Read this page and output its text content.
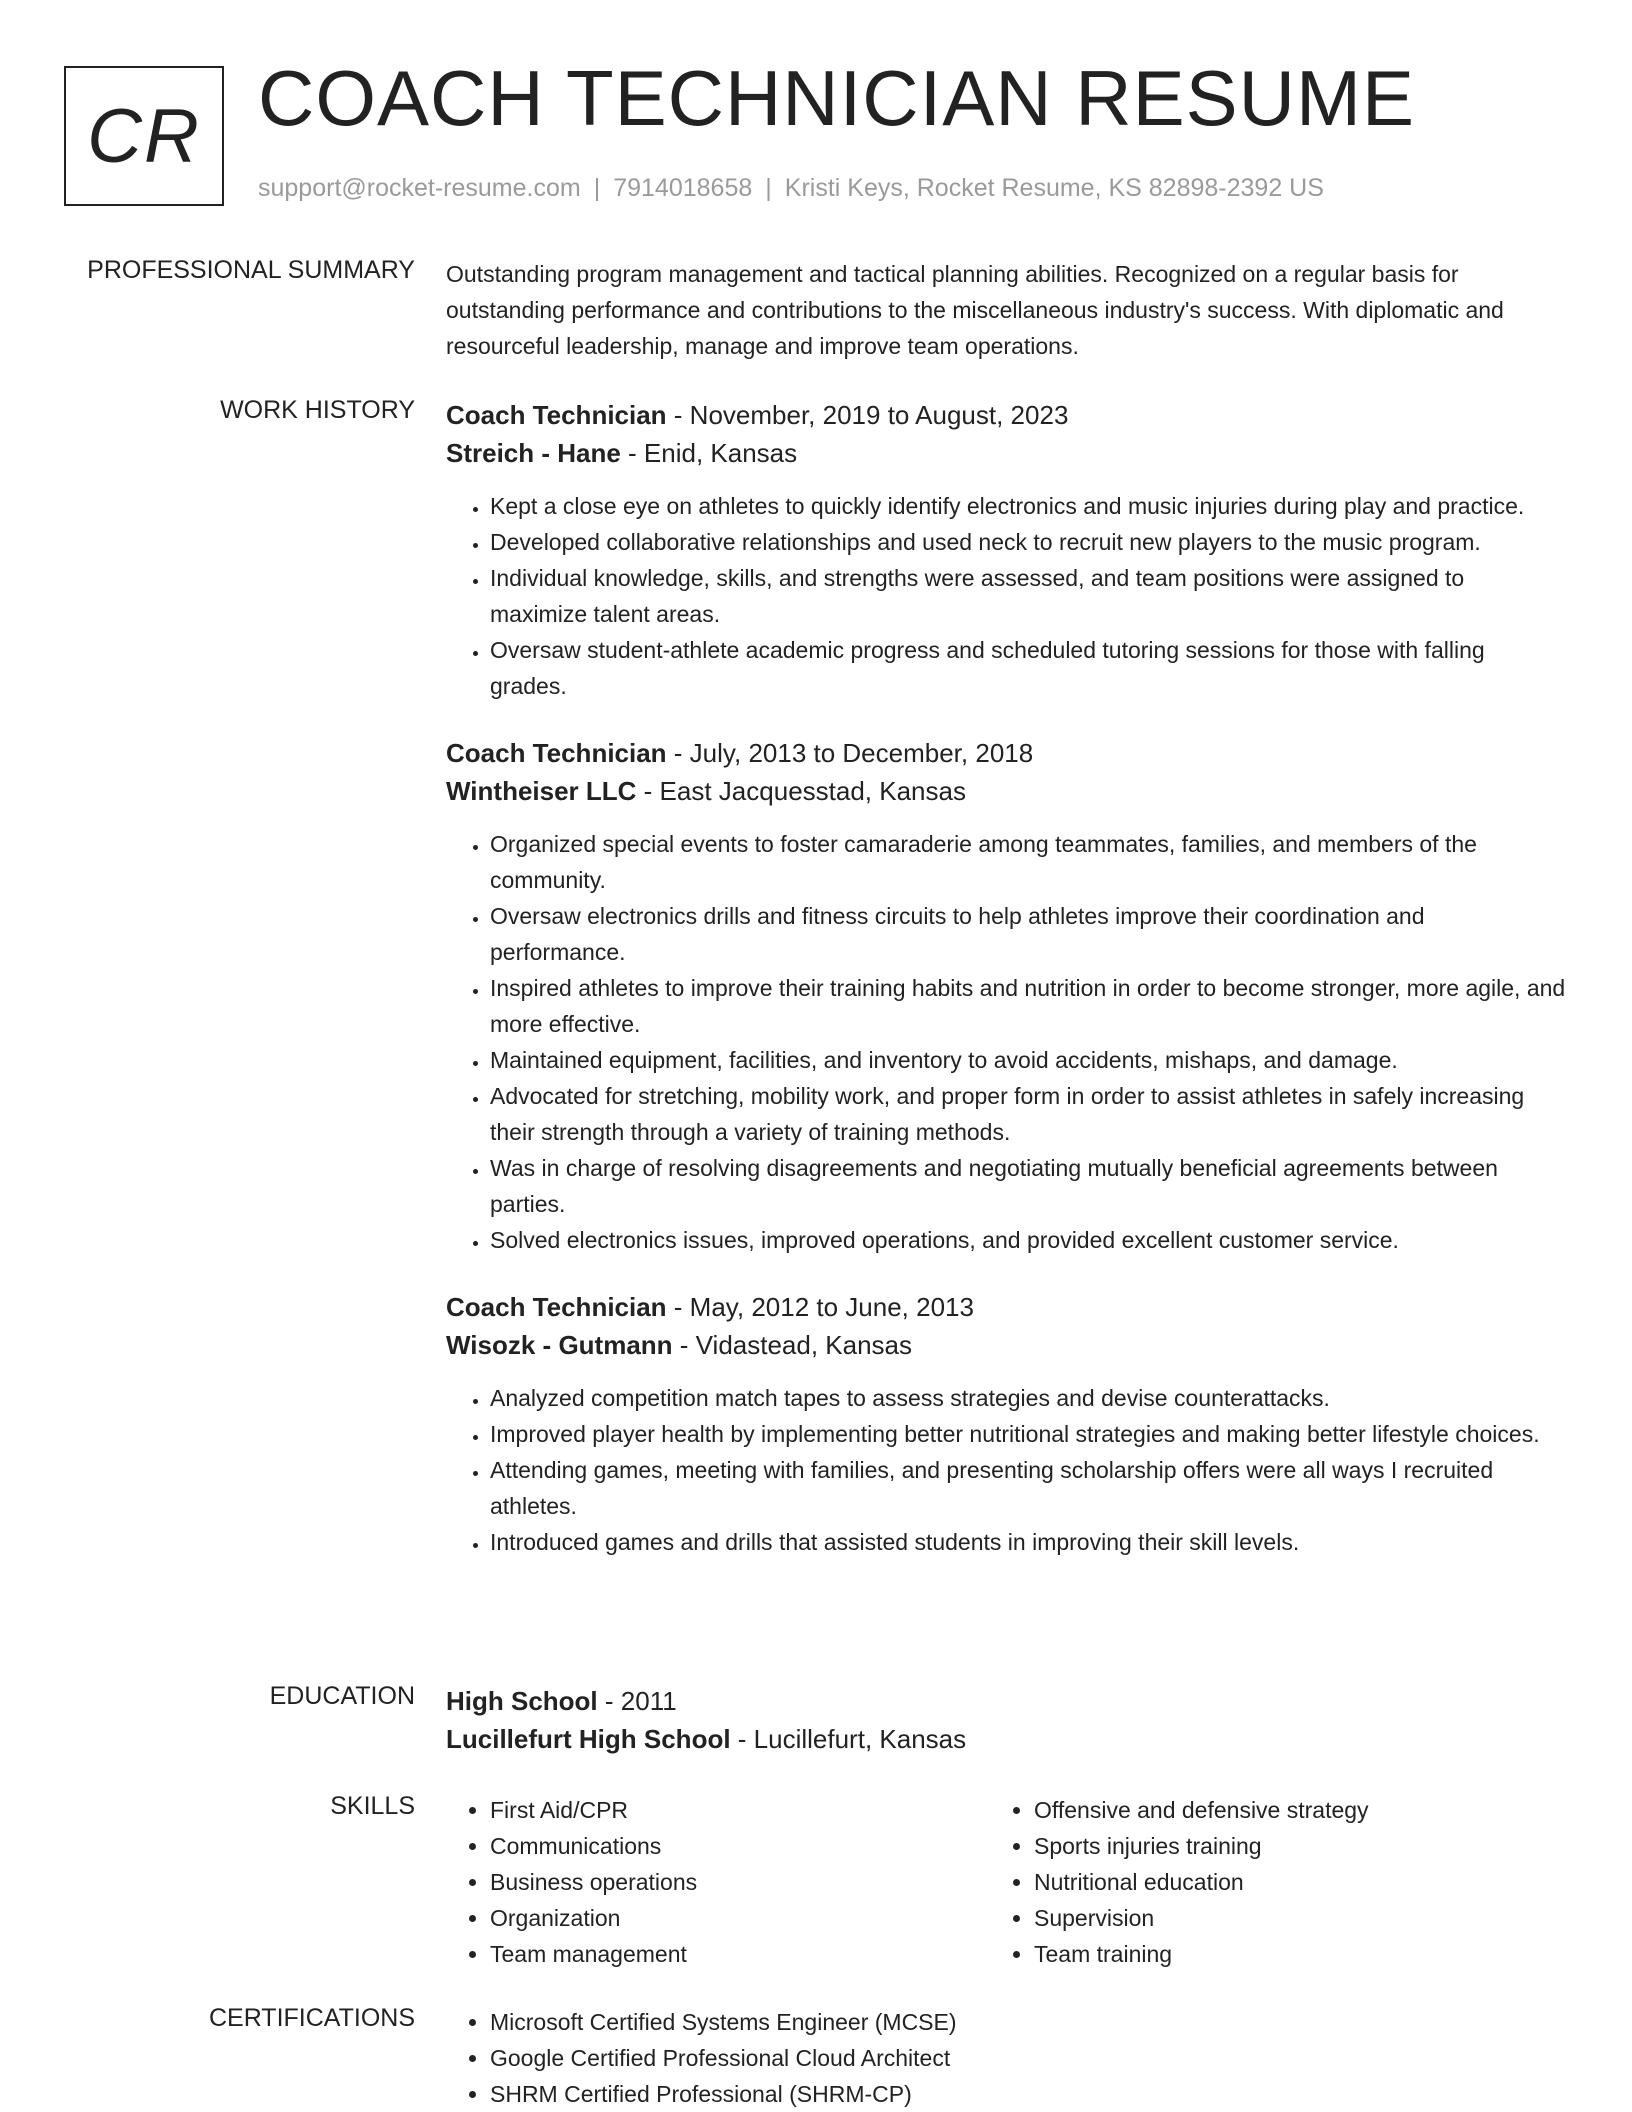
CR COACH TECHNICIAN RESUME
support@rocket-resume.com | 7914018658 | Kristi Keys, Rocket Resume, KS 82898-2392 US
PROFESSIONAL SUMMARY Outstanding program management and tactical planning abilities. Recognized on a regular basis for outstanding performance and contributions to the miscellaneous industry's success. With diplomatic and resourceful leadership, manage and improve team operations.

WORK HISTORY Coach Technician - November, 2019 to August, 2023
Streich - Hane - Enid, Kansas
• Kept a close eye on athletes to quickly identify electronics and music injuries during play and practice.
• Developed collaborative relationships and used neck to recruit new players to the music program.
• Individual knowledge, skills, and strengths were assessed, and team positions were assigned to maximize talent areas.
• Oversaw student-athlete academic progress and scheduled tutoring sessions for those with falling grades.
Coach Technician - July, 2013 to December, 2018
Wintheiser LLC - East Jacquesstad, Kansas
• Organized special events to foster camaraderie among teammates, families, and members of the community.
• Oversaw electronics drills and fitness circuits to help athletes improve their coordination and performance.
• Inspired athletes to improve their training habits and nutrition in order to become stronger, more agile, and more effective.
• Maintained equipment, facilities, and inventory to avoid accidents, mishaps, and damage.
• Advocated for stretching, mobility work, and proper form in order to assist athletes in safely increasing their strength through a variety of training methods.
• Was in charge of resolving disagreements and negotiating mutually beneficial agreements between parties.
• Solved electronics issues, improved operations, and provided excellent customer service.
Coach Technician - May, 2012 to June, 2013
Wisozk - Gutmann - Vidastead, Kansas
• Analyzed competition match tapes to assess strategies and devise counterattacks.
• Improved player health by implementing better nutritional strategies and making better lifestyle choices.
• Attending games, meeting with families, and presenting scholarship offers were all ways I recruited athletes.
• Introduced games and drills that assisted students in improving their skill levels.
EDUCATION High School - 2011
Lucillefurt High School - Lucillefurt, Kansas
SKILLS	• First Aid/CPR
• Communications
• Business operations
• Organization
• Team management
• Offensive and defensive strategy
• Sports injuries training
• Nutritional education
• Supervision
• Team training
CERTIFICATIONS	• Microsoft Certified Systems Engineer (MCSE)
• Google Certified Professional Cloud Architect
• SHRM Certified Professional (SHRM-CP)
